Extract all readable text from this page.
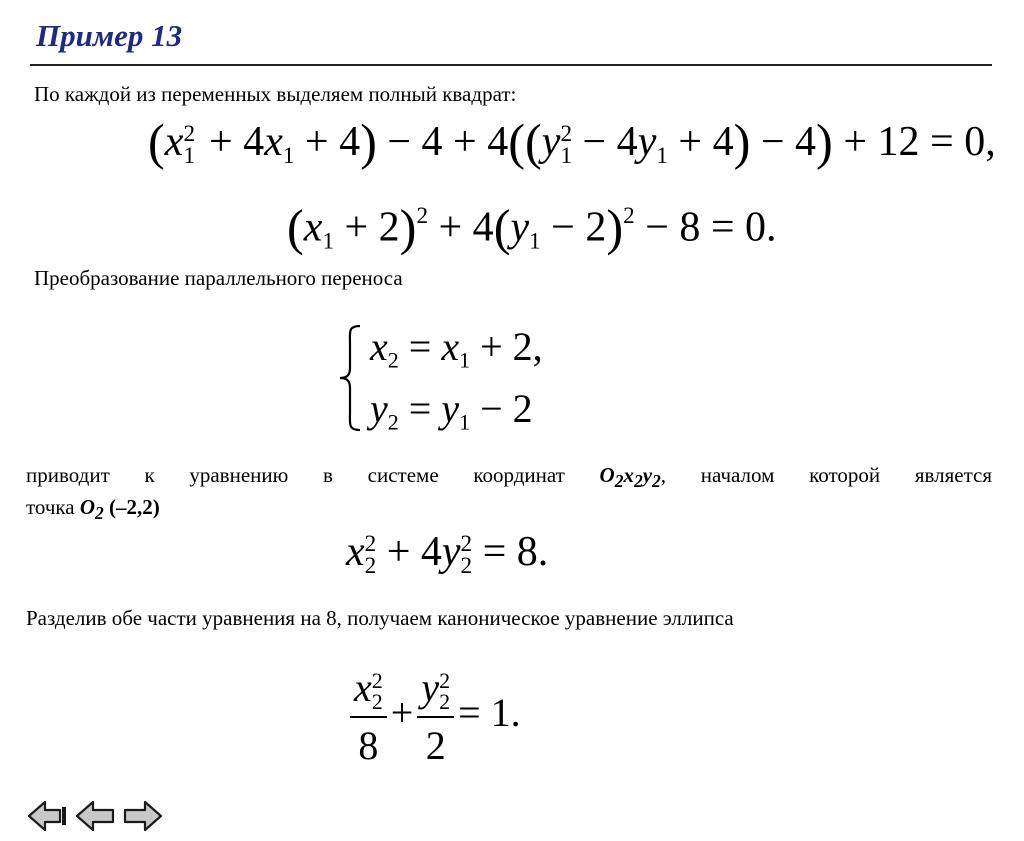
Пример 13
По каждой из переменных выделяем полный квадрат:
(x 2
1
  + $4x_1 + 4) - 4 + 4((y$ 2
$1 - 4y_1 + 4) - 4) + 12 = 0$,
$(x_1 + 2)^2 + 4(y_1 - 2)^2 - 8 = 0$.
Преобразование параллельного переноса
$x_2 = x_1 + 2$,
$y_2 = y_1 - 2$
приводит к уравнению в системе координат $O_2x_2y_2$, началом которой является
точка $O_2$ (–2,2)
x 2
2 + 4y 2
2 = 8.
Разделив обе части уравнения на 8, получаем каноническое уравнение эллипса
x 2
2
8 + y 2
2
2 = 1.
